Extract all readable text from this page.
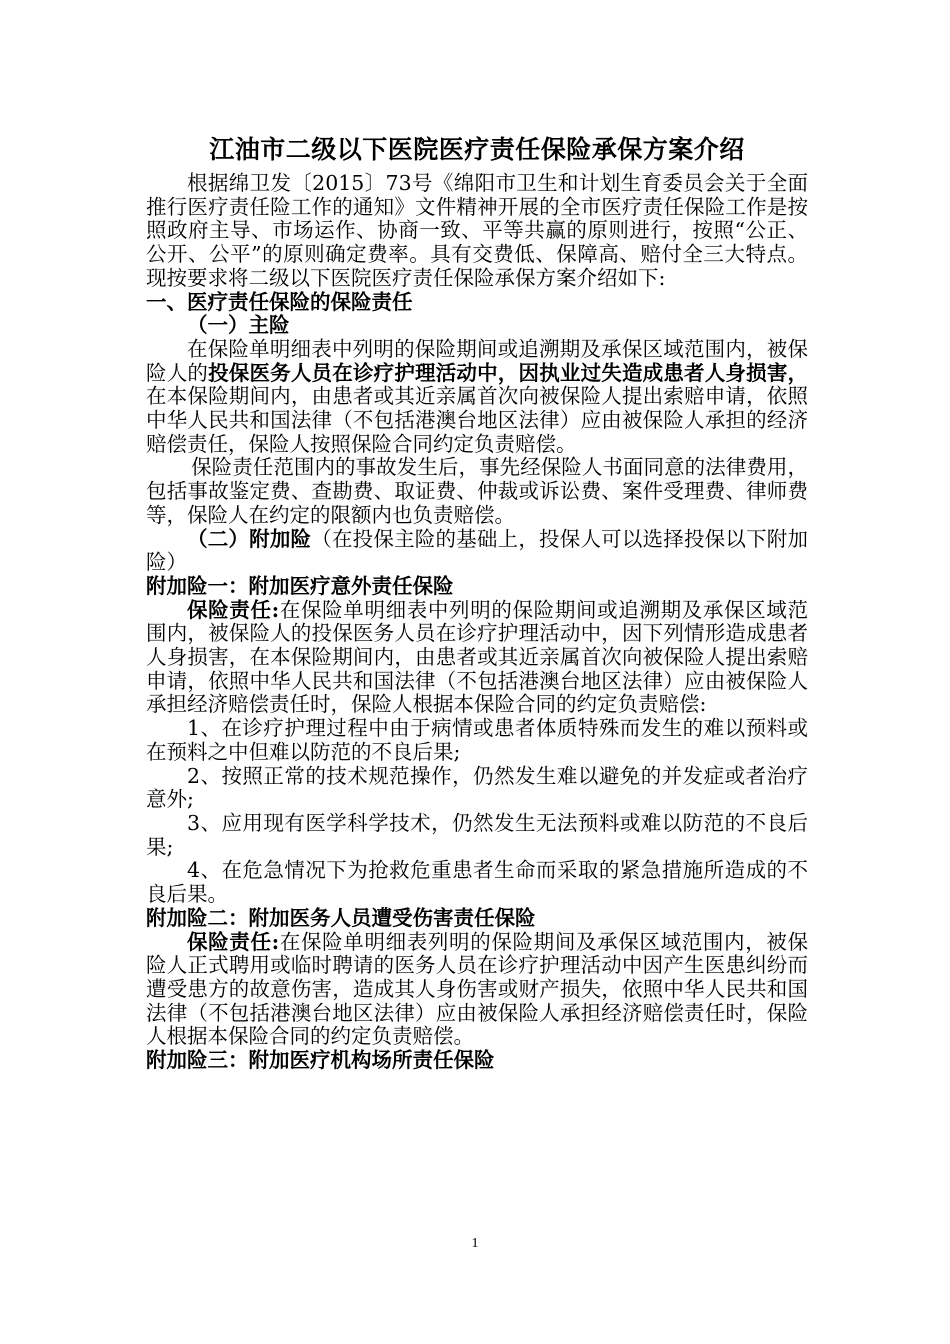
江油市二级以下医院医疗责任保险承保方案介绍

根据绵卫发〔2015〕73号《绵阳市卫生和计划生育委员会关于全面推行医疗责任险工作的通知》文件精神开展的全市医疗责任保险工作是按照政府主导、市场运作、协商一致、平等共赢的原则进行，按照“公正、公开、公平”的原则确定费率。具有交费低、保障高、赔付全三大特点。现按要求将二级以下医院医疗责任保险承保方案介绍如下:

一、医疗责任保险的保险责任

（一）主险

在保险单明细表中列明的保险期间或追溯期及承保区域范围内，被保险人的投保医务人员在诊疗护理活动中，因执业过失造成患者人身损害，在本保险期间内，由患者或其近亲属首次向被保险人提出索赔申请，依照中华人民共和国法律（不包括港澳台地区法律）应由被保险人承担的经济赔偿责任，保险人按照保险合同约定负责赔偿。

保险责任范围内的事故发生后，事先经保险人书面同意的法律费用，包括事故鉴定费、查勘费、取证费、仲裁或诉讼费、案件受理费、律师费等，保险人在约定的限额内也负责赔偿。

（二）附加险（在投保主险的基础上，投保人可以选择投保以下附加险）

附加险一：附加医疗意外责任保险

保险责任:在保险单明细表中列明的保险期间或追溯期及承保区域范围内，被保险人的投保医务人员在诊疗护理活动中，因下列情形造成患者人身损害，在本保险期间内，由患者或其近亲属首次向被保险人提出索赔申请，依照中华人民共和国法律（不包括港澳台地区法律）应由被保险人承担经济赔偿责任时，保险人根据本保险合同的约定负责赔偿:

1、在诊疗护理过程中由于病情或患者体质特殊而发生的难以预料或在预料之中但难以防范的不良后果;

2、按照正常的技术规范操作，仍然发生难以避免的并发症或者治疗意外;

3、应用现有医学科学技术，仍然发生无法预料或难以防范的不良后果;

4、在危急情况下为抢救危重患者生命而采取的紧急措施所造成的不良后果。

附加险二：附加医务人员遭受伤害责任保险

保险责任:在保险单明细表列明的保险期间及承保区域范围内，被保险人正式聘用或临时聘请的医务人员在诊疗护理活动中因产生医患纠纷而遭受患方的故意伤害，造成其人身伤害或财产损失，依照中华人民共和国法律（不包括港澳台地区法律）应由被保险人承担经济赔偿责任时，保险人根据本保险合同的约定负责赔偿。

附加险三：附加医疗机构场所责任保险

1
